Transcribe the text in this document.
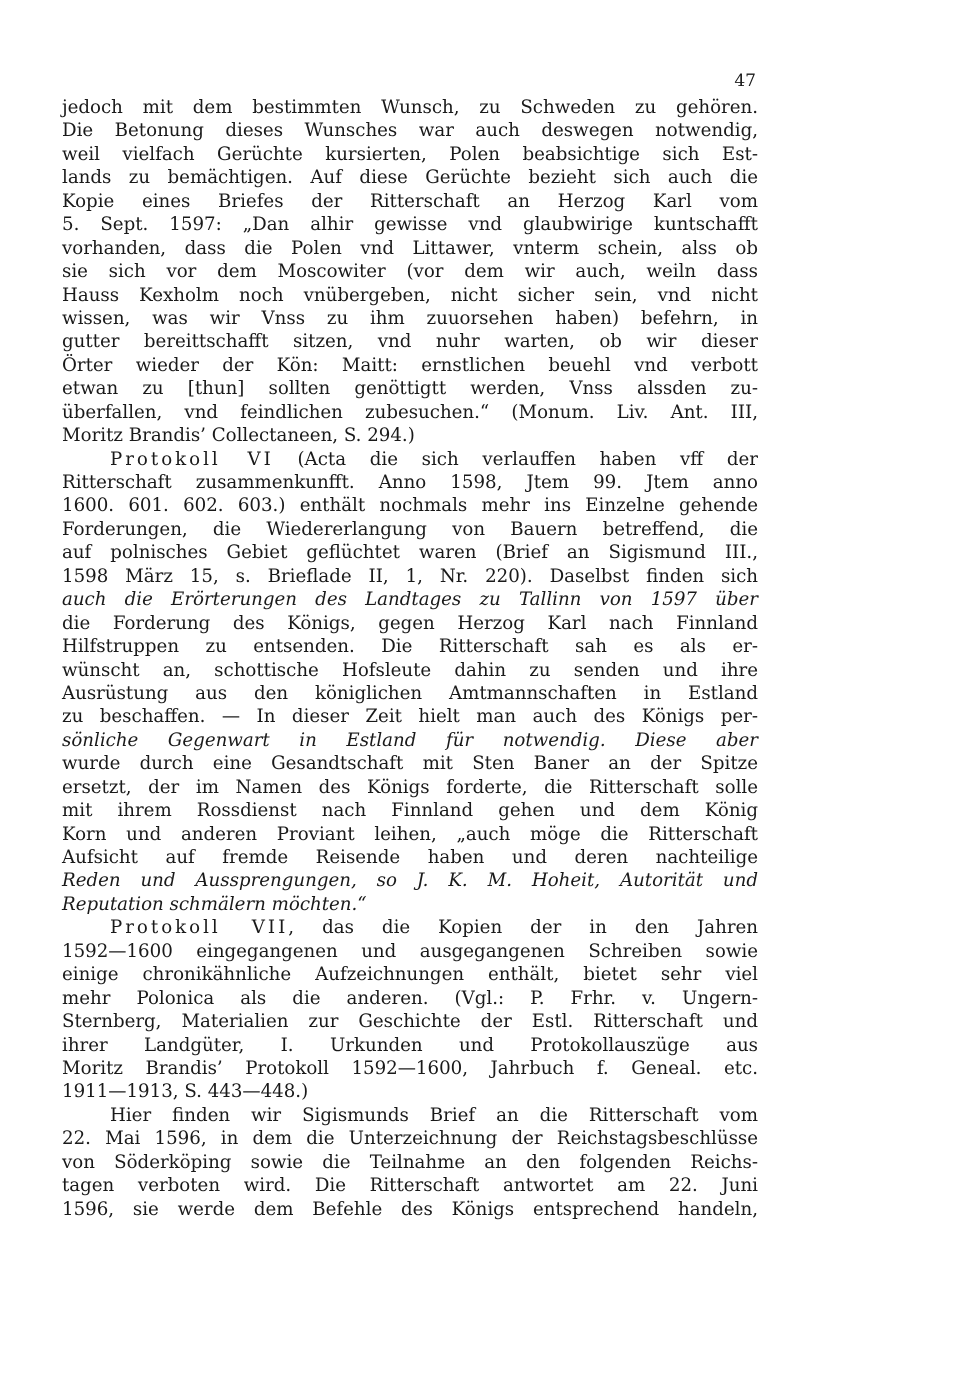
47
jedoch mit dem bestimmten Wunsch, zu Schweden zu gehören.
Die Betonung dieses Wunsches war auch deswegen notwendig,
weil vielfach Gerüchte kursierten, Polen beabsichtige sich Est-
lands zu bemächtigen. Auf diese Gerüchte bezieht sich auch die
Kopie eines Briefes der Ritterschaft an Herzog Karl vom
5. Sept. 1597: „Dan alhir gewisse vnd glaubwirige kuntschafft
vorhanden, dass die Polen vnd Littawer, vnterm schein, alss ob
sie sich vor dem Moscowiter (vor dem wir auch, weiln dass
Hauss Kexholm noch vnübergeben, nicht sicher sein, vnd nicht
wissen, was wir Vnss zu ihm zuuorsehen haben) befehrn, in
gutter bereittschafft sitzen, vnd nuhr warten, ob wir dieser
Örter wieder der Kön: Maitt: ernstlichen beuehl vnd verbott
etwan zu [thun] sollten genöttigtt werden, Vnss alssden zu-
überfallen, vnd feindlichen zubesuchen.“ (Monum. Liv. Ant. III,
Moritz Brandis’ Collectaneen, S. 294.)
Protokoll VI (Acta die sich verlauffen haben vff der
Ritterschaft zusammenkunfft. Anno 1598, Jtem 99. Jtem anno
1600. 601. 602. 603.) enthält nochmals mehr ins Einzelne gehende
Forderungen, die Wiedererlangung von Bauern betreffend, die
auf polnisches Gebiet geflüchtet waren (Brief an Sigismund III.,
1598 März 15, s. Brieflade II, 1, Nr. 220). Daselbst finden sich
auch die Erörterungen des Landtages zu Tallinn von 1597 über
die Forderung des Königs, gegen Herzog Karl nach Finnland
Hilfstruppen zu entsenden. Die Ritterschaft sah es als er-
wünscht an, schottische Hofsleute dahin zu senden und ihre
Ausrüstung aus den königlichen Amtmannschaften in Estland
zu beschaffen. — In dieser Zeit hielt man auch des Königs per-
sönliche Gegenwart in Estland für notwendig. Diese aber
wurde durch eine Gesandtschaft mit Sten Baner an der Spitze
ersetzt, der im Namen des Königs forderte, die Ritterschaft solle
mit ihrem Rossdienst nach Finnland gehen und dem König
Korn und anderen Proviant leihen, „auch möge die Ritterschaft
Aufsicht auf fremde Reisende haben und deren nachteilige
Reden und Aussprengungen, so J. K. M. Hoheit, Autorität und
Reputation schmälern möchten.“
Protokoll VII, das die Kopien der in den Jahren
1592—1600 eingegangenen und ausgegangenen Schreiben sowie
einige chronikähnliche Aufzeichnungen enthält, bietet sehr viel
mehr Polonica als die anderen. (Vgl.: P. Frhr. v. Ungern-
Sternberg, Materialien zur Geschichte der Estl. Ritterschaft und
ihrer Landgüter, I. Urkunden und Protokollauszüge aus
Moritz Brandis’ Protokoll 1592—1600, Jahrbuch f. Geneal. etc.
1911—1913, S. 443—448.)
Hier finden wir Sigismunds Brief an die Ritterschaft vom
22. Mai 1596, in dem die Unterzeichnung der Reichstagsbeschlüsse
von Söderköping sowie die Teilnahme an den folgenden Reichs-
tagen verboten wird. Die Ritterschaft antwortet am 22. Juni
1596, sie werde dem Befehle des Königs entsprechend handeln,
